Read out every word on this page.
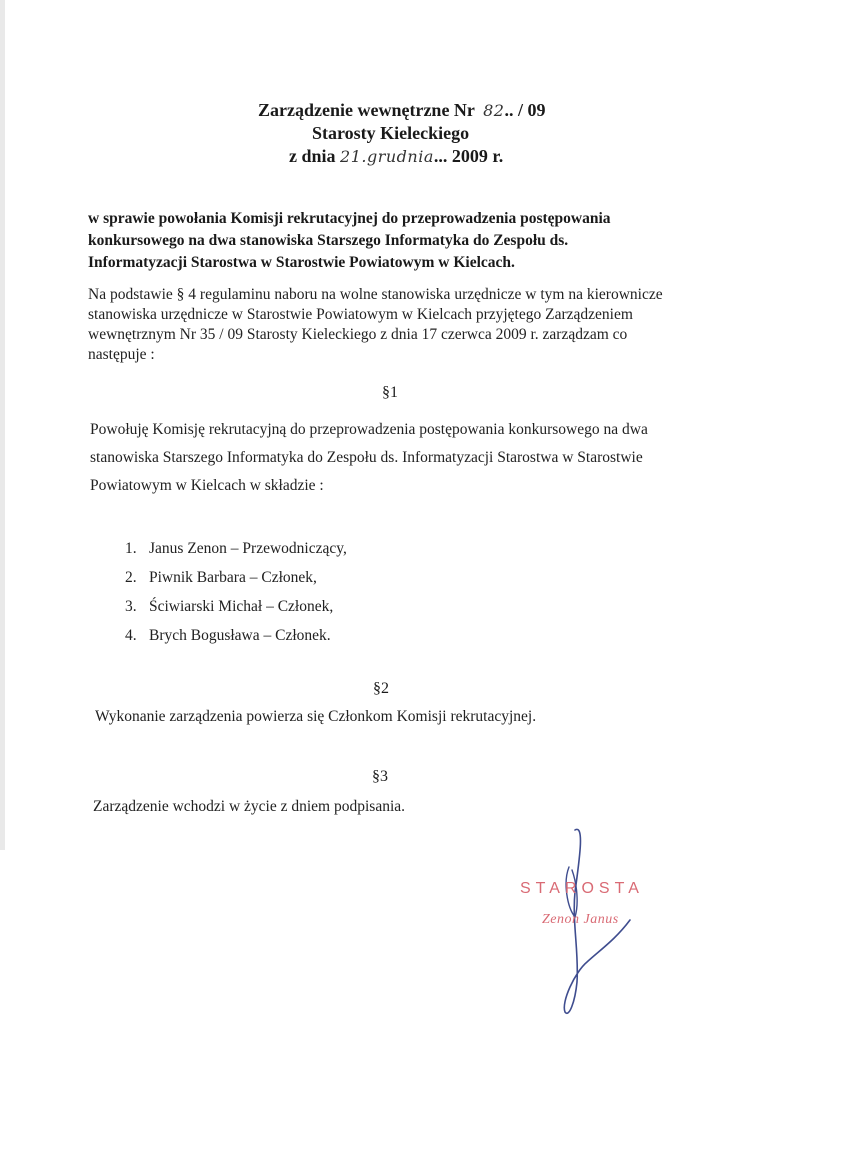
Zarządzenie wewnętrzne Nr 82.. / 09
Starosty Kieleckiego
z dnia 21.grudnia... 2009 r.
w sprawie powołania Komisji rekrutacyjnej do przeprowadzenia postępowania
konkursowego na dwa stanowiska Starszego Informatyka do Zespołu ds.
Informatyzacji Starostwa w Starostwie Powiatowym w Kielcach.
Na podstawie § 4 regulaminu naboru na wolne stanowiska urzędnicze w tym na kierownicze
stanowiska urzędnicze w Starostwie Powiatowym w Kielcach przyjętego Zarządzeniem
wewnętrznym Nr 35 / 09 Starosty Kieleckiego z dnia 17 czerwca 2009 r. zarządzam co
następuje :
§1
Powołuję Komisję rekrutacyjną do przeprowadzenia postępowania konkursowego na dwa
stanowiska Starszego Informatyka do Zespołu ds. Informatyzacji Starostwa w Starostwie
Powiatowym w Kielcach w składzie :
1. Janus Zenon – Przewodniczący,
2. Piwnik Barbara – Członek,
3. Ściwiarski Michał – Członek,
4. Brych Bogusława – Członek.
§2
Wykonanie zarządzenia powierza się Członkom Komisji rekrutacyjnej.
§3
Zarządzenie wchodzi w życie z dniem podpisania.
STAROSTA
Zenon Janus
